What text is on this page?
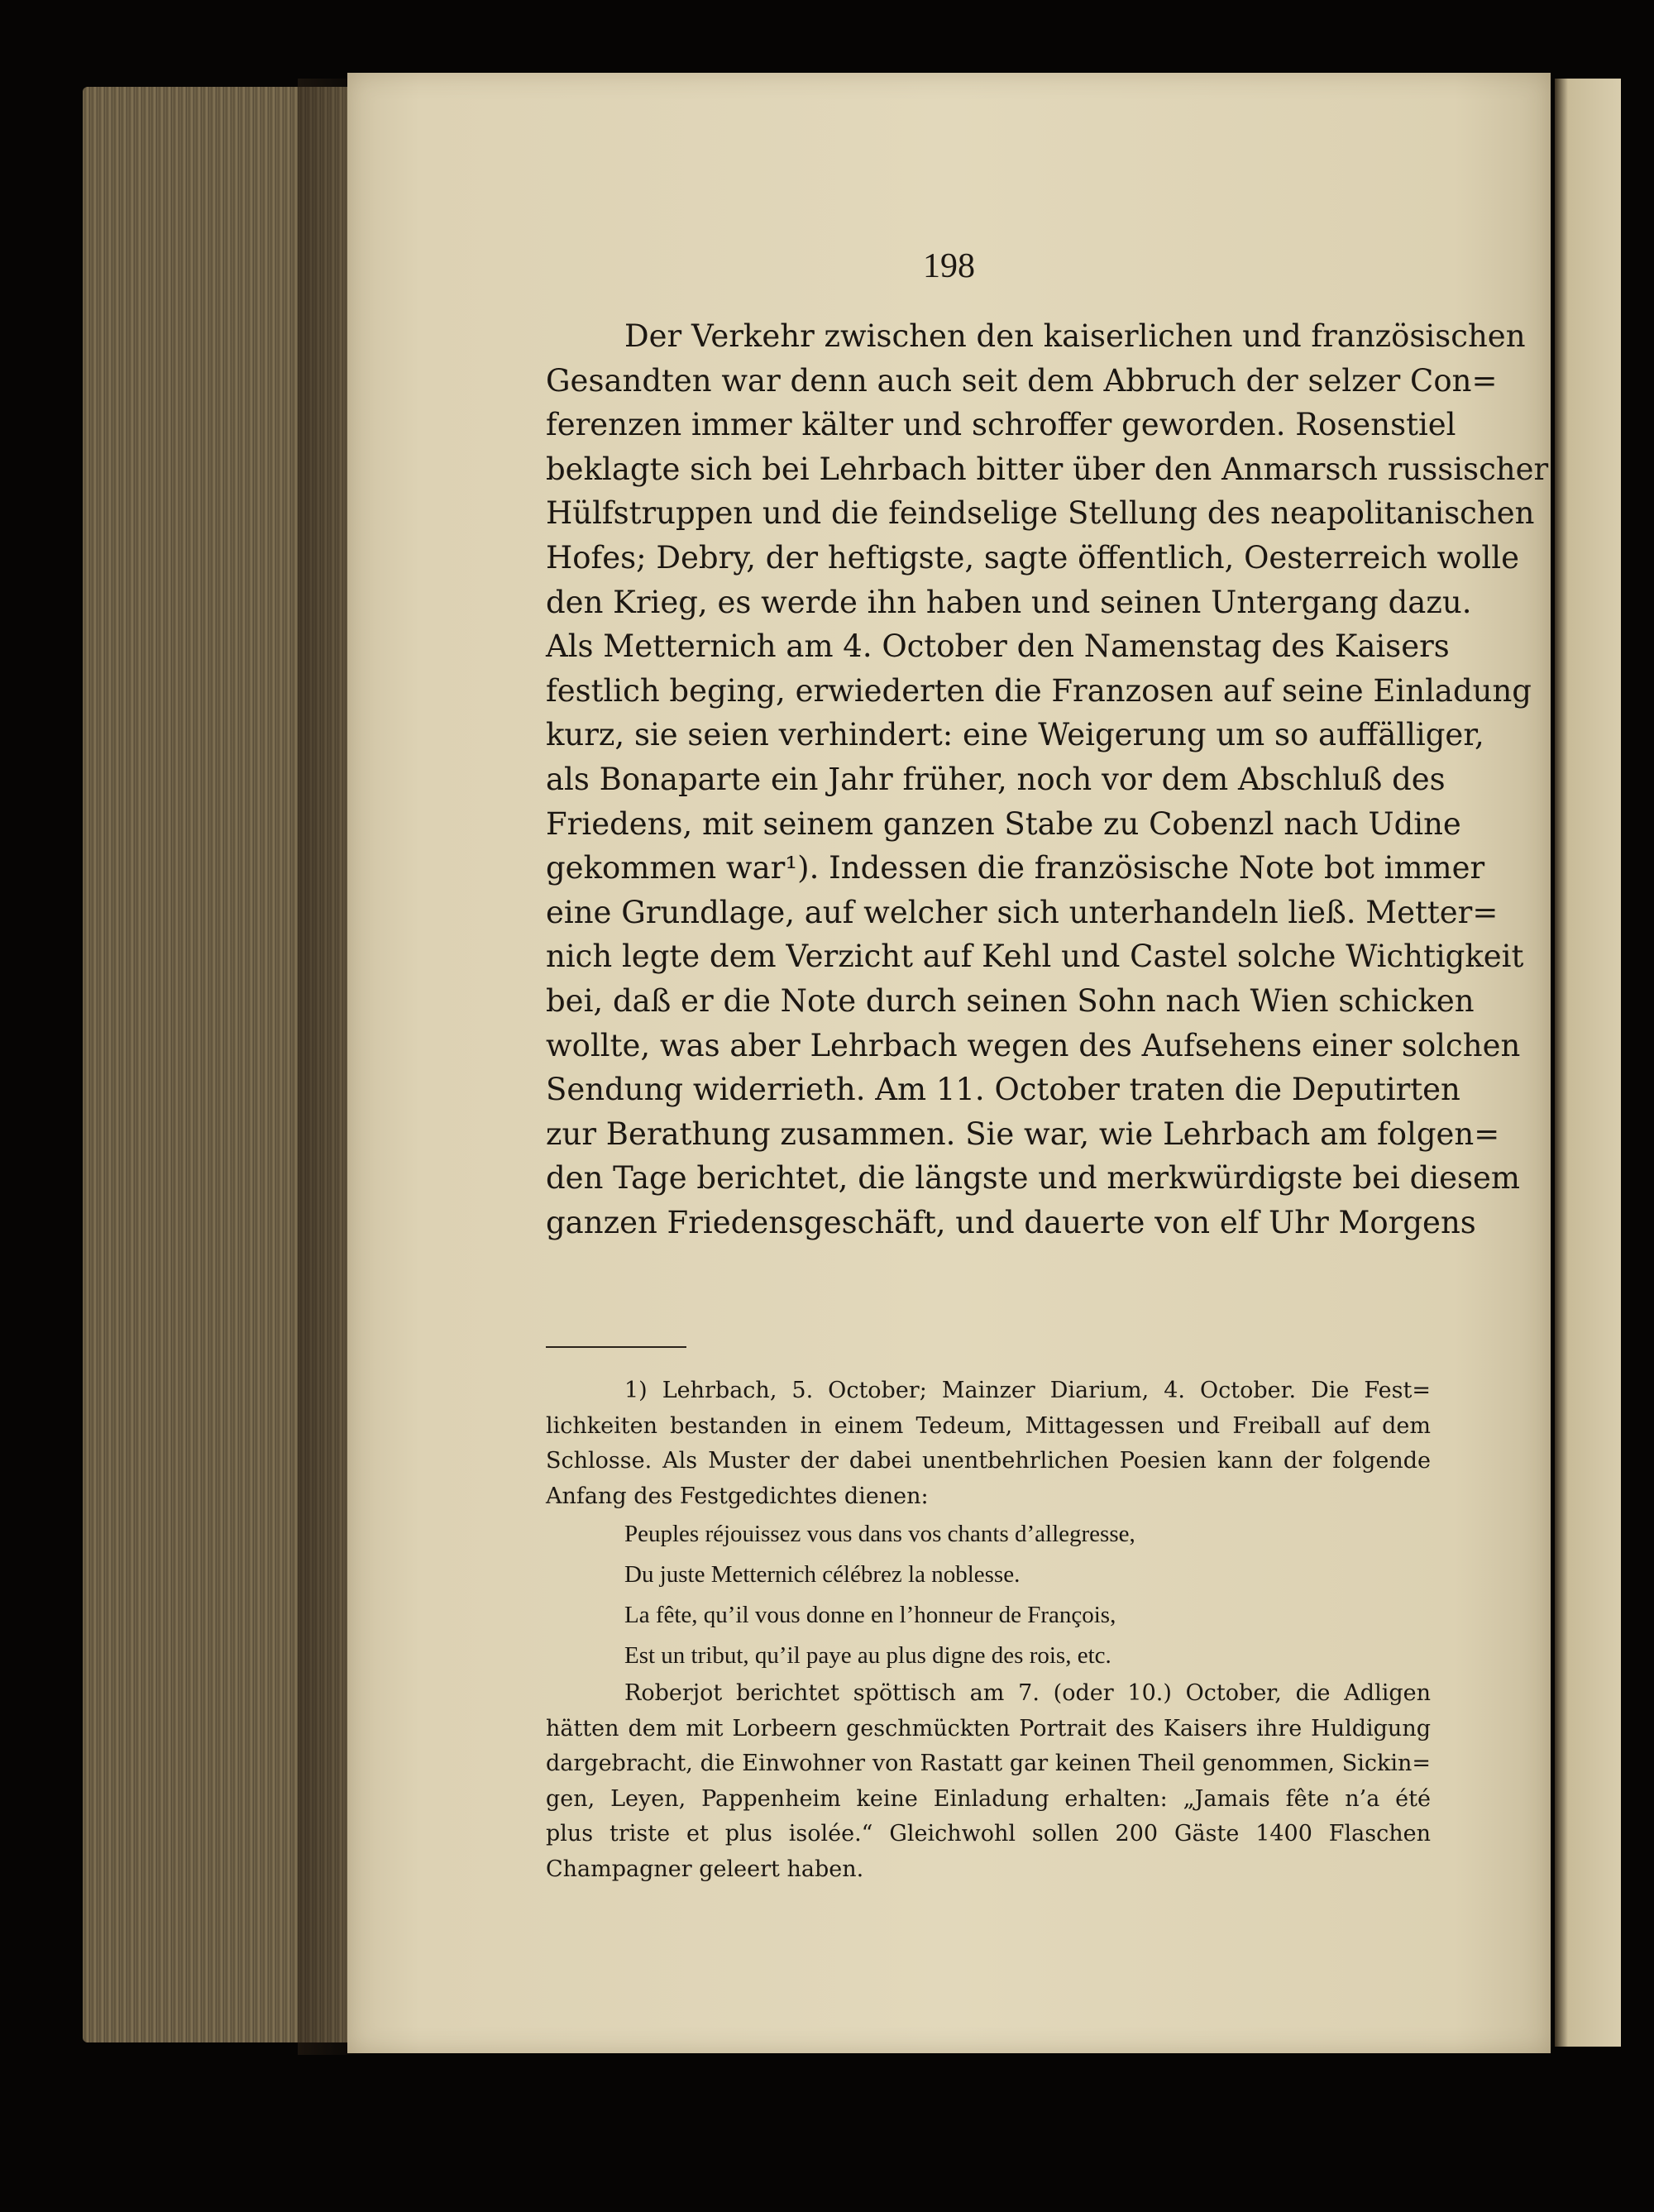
198
Der Verkehr zwischen den kaiserlichen und französischen
Gesandten war denn auch seit dem Abbruch der selzer Con=
ferenzen immer kälter und schroffer geworden. Rosenstiel
beklagte sich bei Lehrbach bitter über den Anmarsch russischer
Hülfstruppen und die feindselige Stellung des neapolitanischen
Hofes; Debry, der heftigste, sagte öffentlich, Oesterreich wolle
den Krieg, es werde ihn haben und seinen Untergang dazu.
Als Metternich am 4. October den Namenstag des Kaisers
festlich beging, erwiederten die Franzosen auf seine Einladung
kurz, sie seien verhindert: eine Weigerung um so auffälliger,
als Bonaparte ein Jahr früher, noch vor dem Abschluß des
Friedens, mit seinem ganzen Stabe zu Cobenzl nach Udine
gekommen war¹). Indessen die französische Note bot immer
eine Grundlage, auf welcher sich unterhandeln ließ. Metter=
nich legte dem Verzicht auf Kehl und Castel solche Wichtigkeit
bei, daß er die Note durch seinen Sohn nach Wien schicken
wollte, was aber Lehrbach wegen des Aufsehens einer solchen
Sendung widerrieth. Am 11. October traten die Deputirten
zur Berathung zusammen. Sie war, wie Lehrbach am folgen=
den Tage berichtet, die längste und merkwürdigste bei diesem
ganzen Friedensgeschäft, und dauerte von elf Uhr Morgens
1) Lehrbach, 5. October; Mainzer Diarium, 4. October. Die Fest=
lichkeiten bestanden in einem Tedeum, Mittagessen und Freiball auf dem
Schlosse. Als Muster der dabei unentbehrlichen Poesien kann der folgende
Anfang des Festgedichtes dienen:
Peuples réjouissez vous dans vos chants d’allegresse,
Du juste Metternich célébrez la noblesse.
La fête, qu’il vous donne en l’honneur de François,
Est un tribut, qu’il paye au plus digne des rois, etc.
Roberjot berichtet spöttisch am 7. (oder 10.) October, die Adligen
hätten dem mit Lorbeern geschmückten Portrait des Kaisers ihre Huldigung
dargebracht, die Einwohner von Rastatt gar keinen Theil genommen, Sickin=
gen, Leyen, Pappenheim keine Einladung erhalten: „Jamais fête n’a été
plus triste et plus isolée.“ Gleichwohl sollen 200 Gäste 1400 Flaschen
Champagner geleert haben.
